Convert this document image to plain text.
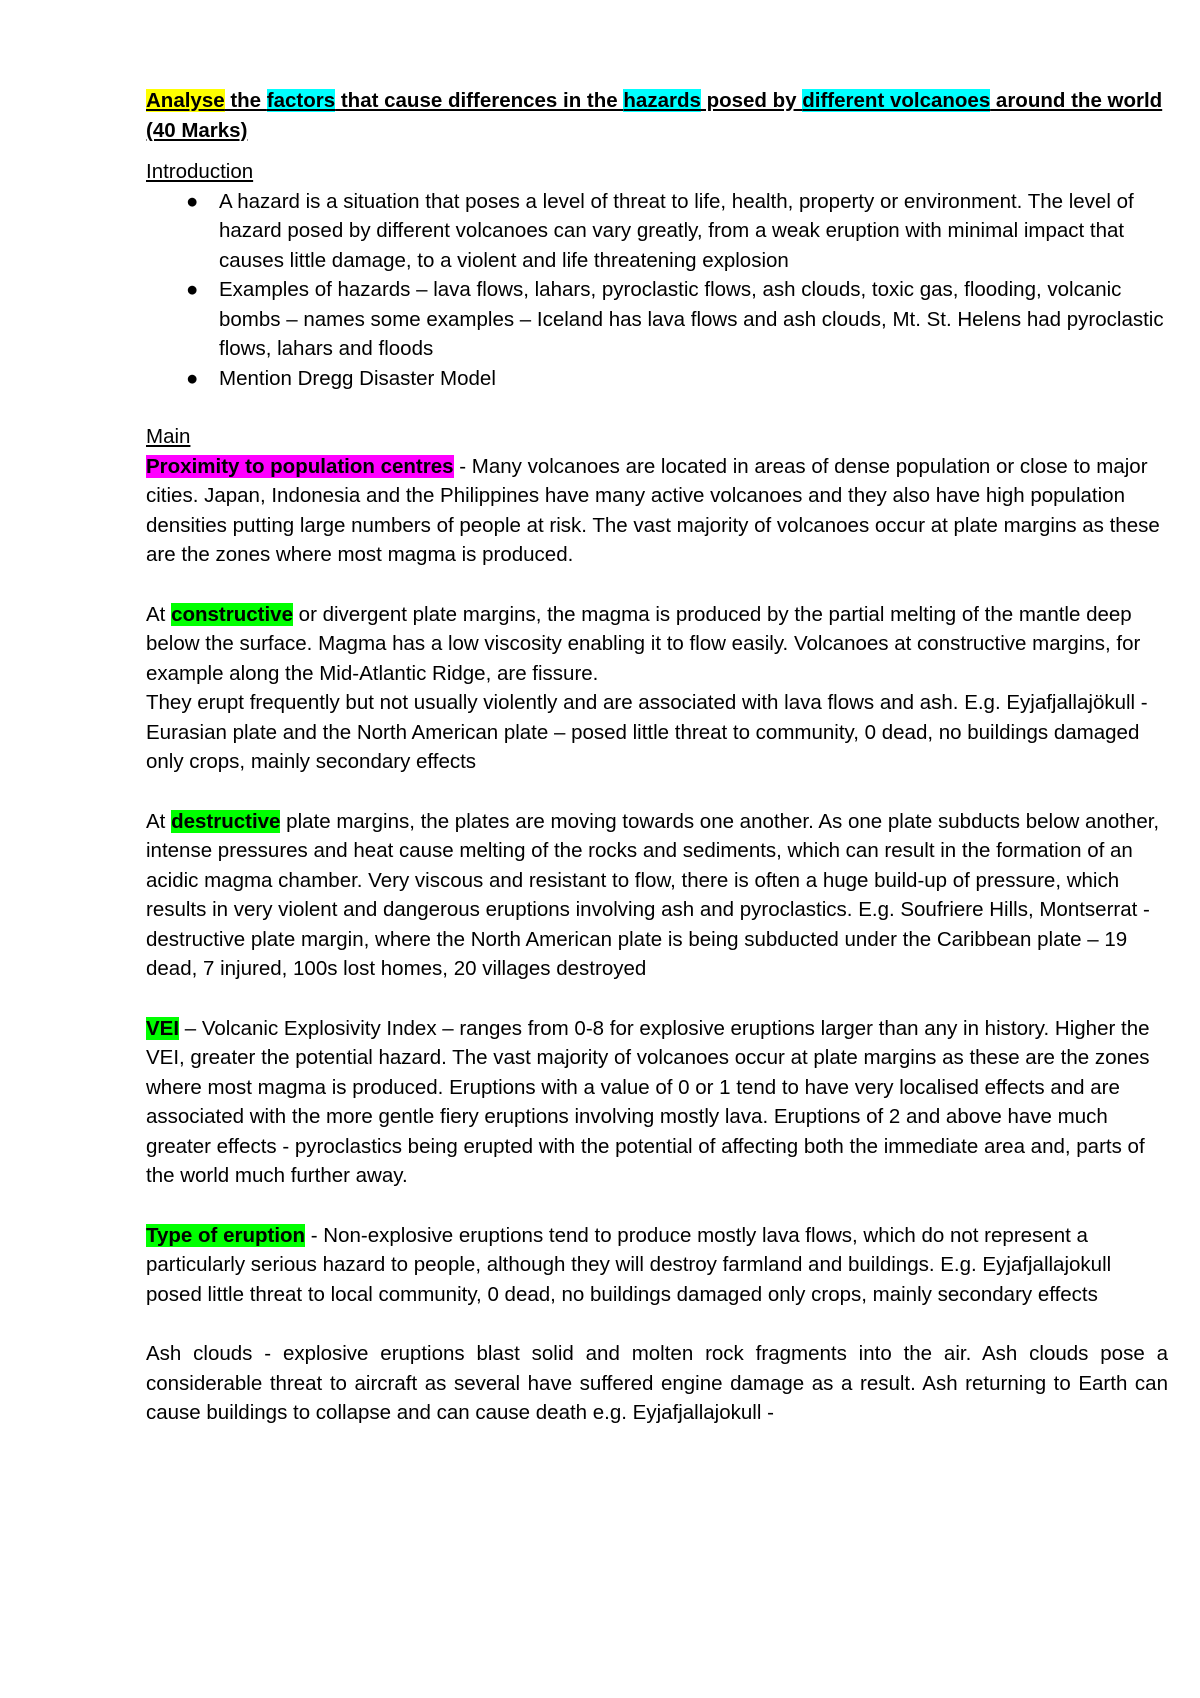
Analyse the factors that cause differences in the hazards posed by different volcanoes around the world (40 Marks)

Introduction

● A hazard is a situation that poses a level of threat to life, health, property or environment. The level of hazard posed by different volcanoes can vary greatly, from a weak eruption with minimal impact that causes little damage, to a violent and life threatening explosion
● Examples of hazards – lava flows, lahars, pyroclastic flows, ash clouds, toxic gas, flooding, volcanic bombs – names some examples – Iceland has lava flows and ash clouds, Mt. St. Helens had pyroclastic flows, lahars and floods
● Mention Dregg Disaster Model

Main

Proximity to population centres - Many volcanoes are located in areas of dense population or close to major cities. Japan, Indonesia and the Philippines have many active volcanoes and they also have high population densities putting large numbers of people at risk. The vast majority of volcanoes occur at plate margins as these are the zones where most magma is produced.

At constructive or divergent plate margins, the magma is produced by the partial melting of the mantle deep below the surface. Magma has a low viscosity enabling it to flow easily. Volcanoes at constructive margins, for example along the Mid-Atlantic Ridge, are fissure.

They erupt frequently but not usually violently and are associated with lava flows and ash. E.g. Eyjafjallajökull - Eurasian plate and the North American plate – posed little threat to community, 0 dead, no buildings damaged only crops, mainly secondary effects

At destructive plate margins, the plates are moving towards one another. As one plate subducts below another, intense pressures and heat cause melting of the rocks and sediments, which can result in the formation of an acidic magma chamber. Very viscous and resistant to flow, there is often a huge build-up of pressure, which results in very violent and dangerous eruptions involving ash and pyroclastics. E.g. Soufriere Hills, Montserrat - destructive plate margin, where the North American plate is being subducted under the Caribbean plate – 19 dead, 7 injured, 100s lost homes, 20 villages destroyed

VEI – Volcanic Explosivity Index – ranges from 0-8 for explosive eruptions larger than any in history. Higher the VEI, greater the potential hazard. The vast majority of volcanoes occur at plate margins as these are the zones where most magma is produced. Eruptions with a value of 0 or 1 tend to have very localised effects and are associated with the more gentle fiery eruptions involving mostly lava. Eruptions of 2 and above have much greater effects - pyroclastics being erupted with the potential of affecting both the immediate area and, parts of the world much further away.

Type of eruption - Non-explosive eruptions tend to produce mostly lava flows, which do not represent a particularly serious hazard to people, although they will destroy farmland and buildings. E.g. Eyjafjallajokull posed little threat to local community, 0 dead, no buildings damaged only crops, mainly secondary effects

Ash clouds - explosive eruptions blast solid and molten rock fragments into the air. Ash clouds pose a considerable threat to aircraft as several have suffered engine damage as a result. Ash returning to Earth can cause buildings to collapse and can cause death e.g. Eyjafjallajokull -
